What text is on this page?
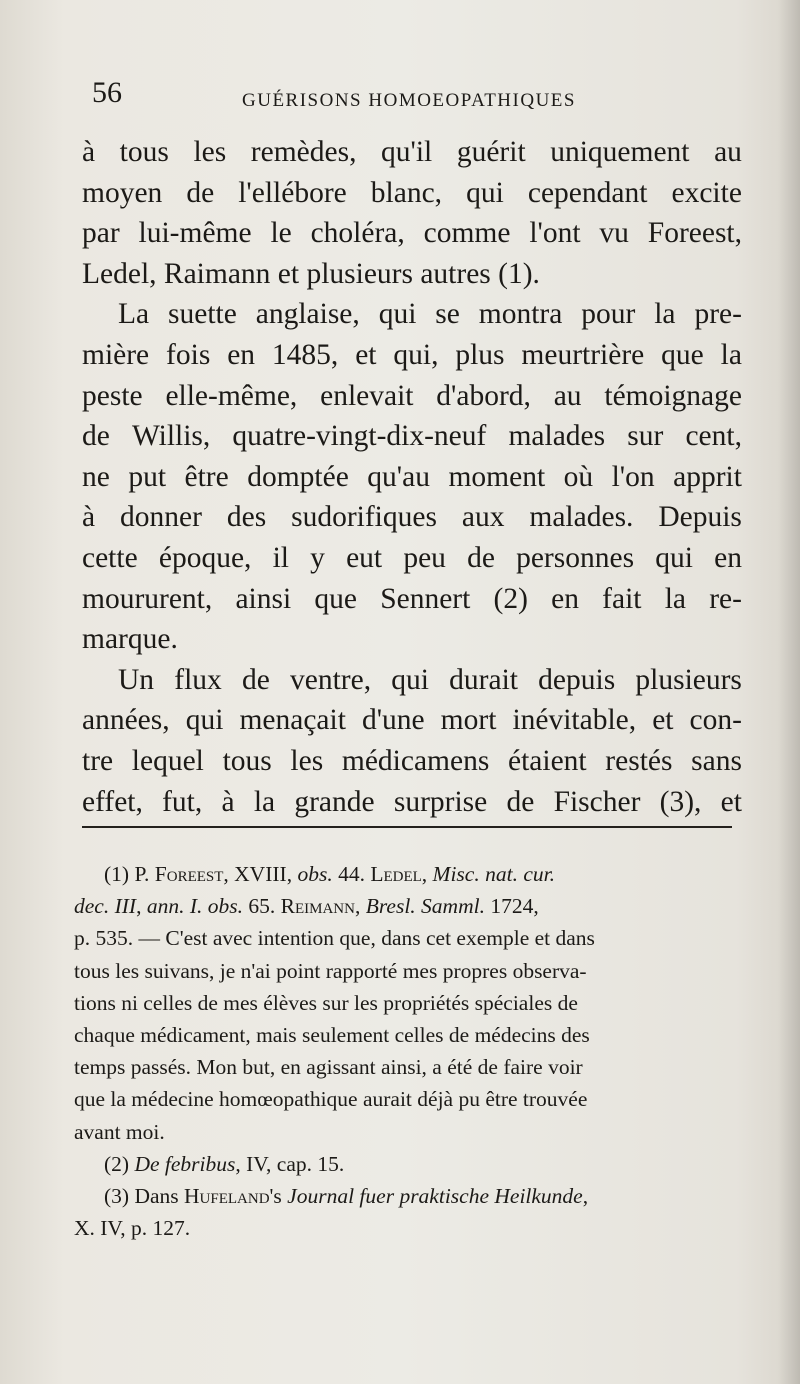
56	GUÉRISONS HOMOEOPATHIQUES
à tous les remèdes, qu'il guérit uniquement au
moyen de l'ellébore blanc, qui cependant excite
par lui-même le choléra, comme l'ont vu Foreest,
Ledel, Raimann et plusieurs autres (1).
La suette anglaise, qui se montra pour la pre-
mière fois en 1485, et qui, plus meurtrière que la
peste elle-même, enlevait d'abord, au témoignage
de Willis, quatre-vingt-dix-neuf malades sur cent,
ne put être domptée qu'au moment où l'on apprit
à donner des sudorifiques aux malades. Depuis
cette époque, il y eut peu de personnes qui en
moururent, ainsi que Sennert (2) en fait la re-
marque.
Un flux de ventre, qui durait depuis plusieurs
années, qui menaçait d'une mort inévitable, et con-
tre lequel tous les médicamens étaient restés sans
effet, fut, à la grande surprise de Fischer (3), et
(1) P. Foreest, XVIII, obs. 44. Ledel, Misc. nat. cur.
dec. III, ann. I. obs. 65. Reimann, Bresl. Samml. 1724,
p. 535. — C'est avec intention que, dans cet exemple et dans
tous les suivans, je n'ai point rapporté mes propres observa-
tions ni celles de mes élèves sur les propriétés spéciales de
chaque médicament, mais seulement celles de médecins des
temps passés. Mon but, en agissant ainsi, a été de faire voir
que la médecine homœopathique aurait déjà pu être trouvée
avant moi.
(2) De febribus, IV, cap. 15.
(3) Dans Hufeland's Journal fuer praktische Heilkunde,
X. IV, p. 127.
